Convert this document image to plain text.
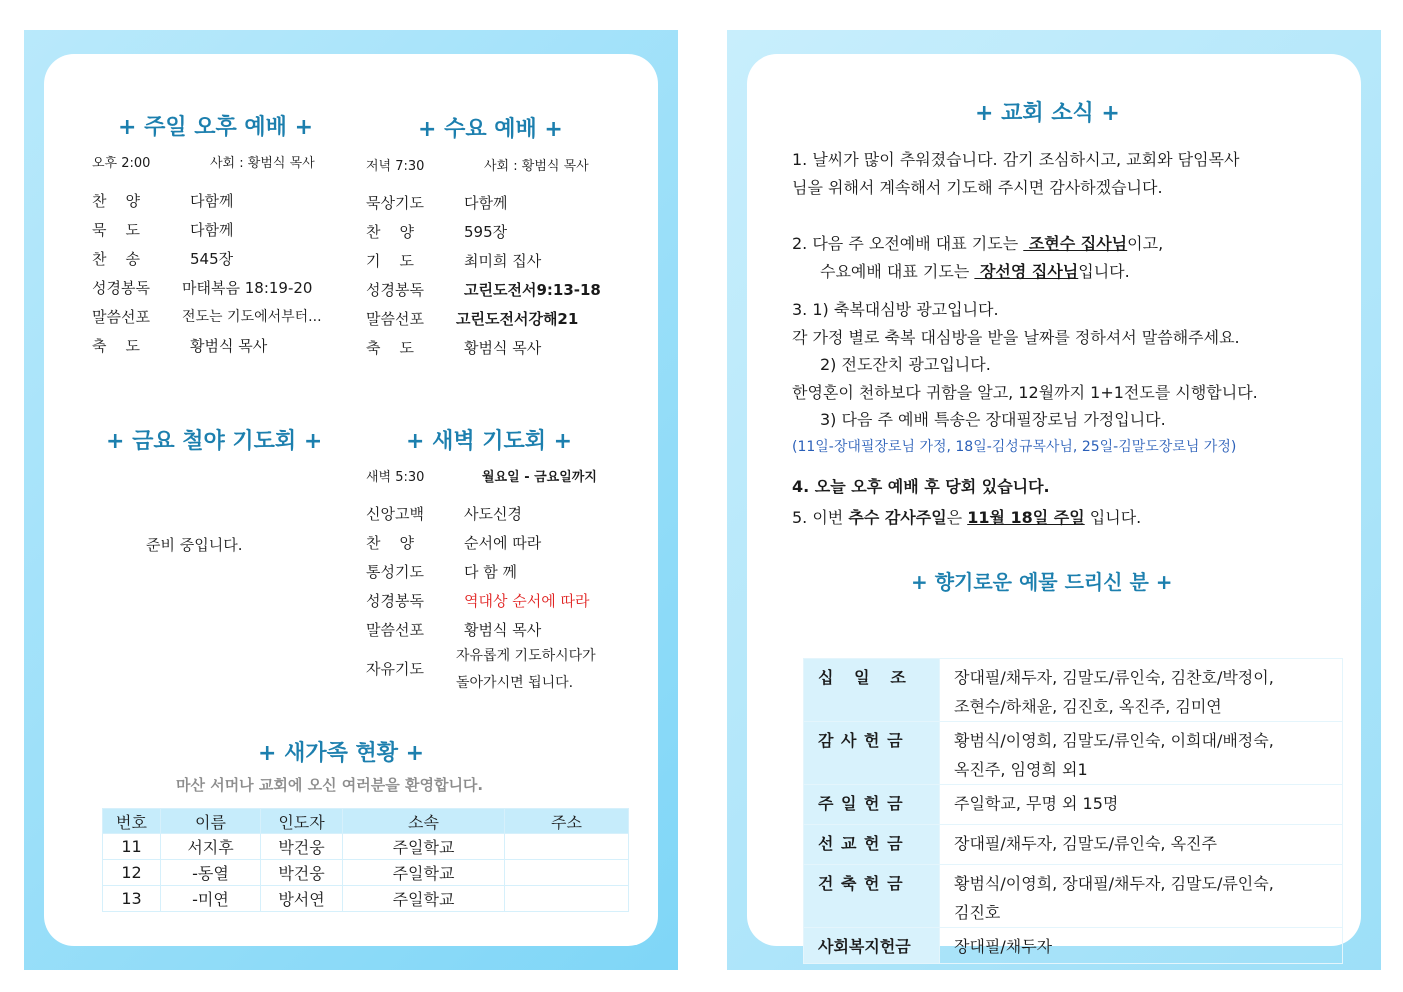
+ 주일 오후 예배 +
오후 2:00	사회 : 황범식 목사
찬    양	다함께
묵    도	다함께
찬    송	545장
성경봉독 마태복음 18:19-20
말씀선포 전도는 기도에서부터...
축    도	황범식 목사
+ 수요 예배 +
저녁 7:30	사회 : 황범식 목사
묵상기도	다함께
찬    양	595장
기    도	최미희 집사
성경봉독	고린도전서9:13-18
말씀선포 고린도전서강해21
축    도	황범식 목사
+ 금요 철야 기도회 +
준비 중입니다.
+ 새벽 기도회 +
새벽 5:30	월요일 - 금요일까지
신앙고백	사도신경
찬    양	순서에 따라
통성기도	다 함 께
성경봉독	역대상 순서에 따라
말씀선포	황범식 목사
자유기도
자유롭게 기도하시다가
돌아가시면 됩니다.
+ 새가족 현황 +
마산 서머나 교회에 오신 여러분을 환영합니다.
번호	이름	인도자	소속	주소
11	서지후	박건웅	주일학교	
12	-동열	박건웅	주일학교	
13	-미연	방서연	주일학교	
+ 교회 소식 +
1. 날씨가 많이 추워졌습니다. 감기 조심하시고, 교회와 담임목사
님을 위해서 계속해서 기도해 주시면 감사하겠습니다.
2. 다음 주 오전예배 대표 기도는  조현수 집사님이고,
수요예배 대표 기도는  장선영 집사님입니다.
3. 1) 축복대심방 광고입니다.
각 가정 별로 축복 대심방을 받을 날짜를 정하셔서 말씀해주세요.
2) 전도잔치 광고입니다.
한영혼이 천하보다 귀함을 알고, 12월까지 1+1전도를 시행합니다.
3) 다음 주 예배 특송은 장대필장로님 가정입니다.
(11일-장대필장로님 가정, 18일-김성규목사님, 25일-김말도장로님 가정)
4. 오늘 오후 예배 후 당회 있습니다.
5. 이번 추수 감사주일은 11월 18일 주일 입니다.
+ 향기로운 예물 드리신 분 +
십   일   조	장대필/채두자, 김말도/류인숙, 김찬호/박정이,
조현수/하채윤, 김진호, 옥진주, 김미연

감 사 헌 금	황범식/이영희, 김말도/류인숙, 이희대/배정숙,
옥진주, 임영희 외1

주 일 헌 금	주일학교, 무명 외 15명

선 교 헌 금	장대필/채두자, 김말도/류인숙, 옥진주

건 축 헌 금	황범식/이영희, 장대필/채두자, 김말도/류인숙,
김진호

사회복지헌금	장대필/채두자
